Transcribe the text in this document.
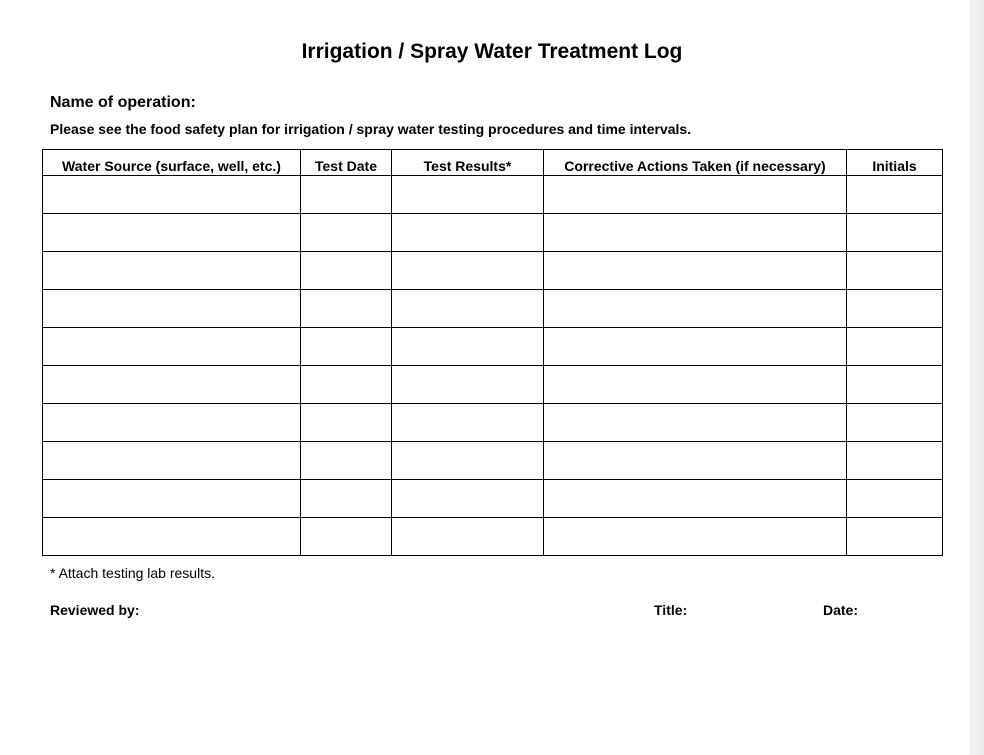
Irrigation / Spray Water Treatment Log
Name of operation:
Please see the food safety plan for irrigation / spray water testing procedures and time intervals.
Water Source (surface, well, etc.)	Test Date	Test Results*	Corrective Actions Taken (if necessary)	Initials

* Attach testing lab results.
Reviewed by:	Title:	Date:
